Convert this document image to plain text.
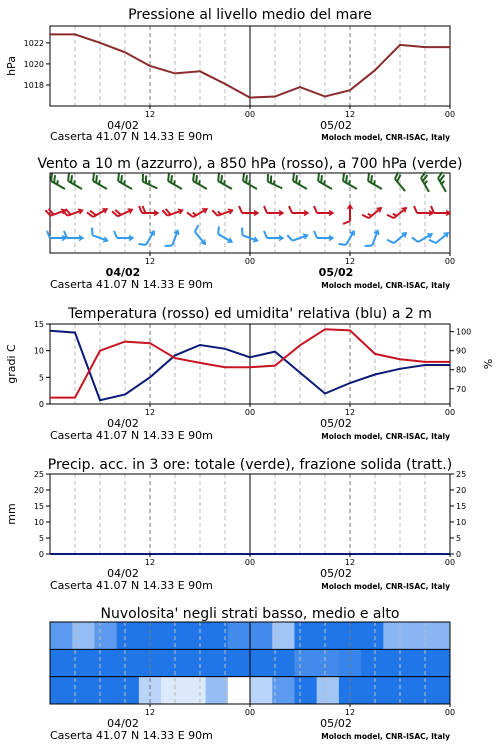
Pressione al livello medio del mare
1018
1020
1022
hPa
12	00	12	00
04/02	05/02
Caserta 41.07 N 14.33 E 90m	Moloch model, CNR-ISAC, Italy
Vento a 10 m (azzurro), a 850 hPa (rosso), a 700 hPa (verde)
12	00	12	00
04/02	05/02
Caserta 41.07 N 14.33 E 90m	Moloch model, CNR-ISAC, Italy
Temperatura (rosso) ed umidita' relativa (blu) a 2 m
0
5
10
15
70
80
90
100
gradi C	%
12	00	12	00
04/02	05/02
Caserta 41.07 N 14.33 E 90m	Moloch model, CNR-ISAC, Italy
Precip. acc. in 3 ore: totale (verde), frazione solida (tratt.)
0
5
10
15
20
25
0
5
10
15
20
25
mm
12	00	12	00
04/02	05/02
Caserta 41.07 N 14.33 E 90m	Moloch model, CNR-ISAC, Italy
Nuvolosita' negli strati basso, medio e alto
12	00	12	00
04/02	05/02
Caserta 41.07 N 14.33 E 90m	Moloch model, CNR-ISAC, Italy
